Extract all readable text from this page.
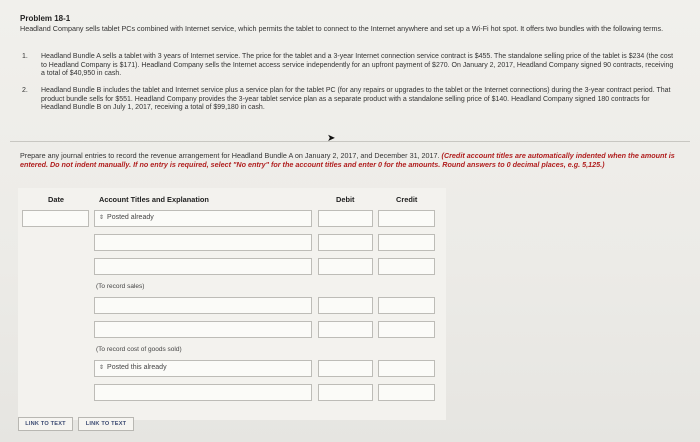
Problem 18-1
Headland Company sells tablet PCs combined with Internet service, which permits the tablet to connect to the Internet anywhere and set up a Wi-Fi hot spot. It offers two bundles with the following terms.
1. Headland Bundle A sells a tablet with 3 years of Internet service. The price for the tablet and a 3-year Internet connection service contract is $455. The standalone selling price of the tablet is $234 (the cost to Headland Company is $171). Headland Company sells the Internet access service independently for an upfront payment of $270. On January 2, 2017, Headland Company signed 90 contracts, receiving a total of $40,950 in cash.
2. Headland Bundle B includes the tablet and Internet service plus a service plan for the tablet PC (for any repairs or upgrades to the tablet or the Internet connections) during the 3-year contract period. That product bundle sells for $551. Headland Company provides the 3-year tablet service plan as a separate product with a standalone selling price of $140. Headland Company signed 180 contracts for Headland Bundle B on July 1, 2017, receiving a total of $99,180 in cash.
Prepare any journal entries to record the revenue arrangement for Headland Bundle A on January 2, 2017, and December 31, 2017. (Credit account titles are automatically indented when the amount is entered. Do not indent manually. If no entry is required, select "No entry" for the account titles and enter 0 for the amounts. Round answers to 0 decimal places, e.g. 5,125.)
Date	Account Titles and Explanation	Debit	Credit
⇕ Posted already
(To record sales)
(To record cost of goods sold)
⇕ Posted this already
➤
LINK TO TEXT	LINK TO TEXT
